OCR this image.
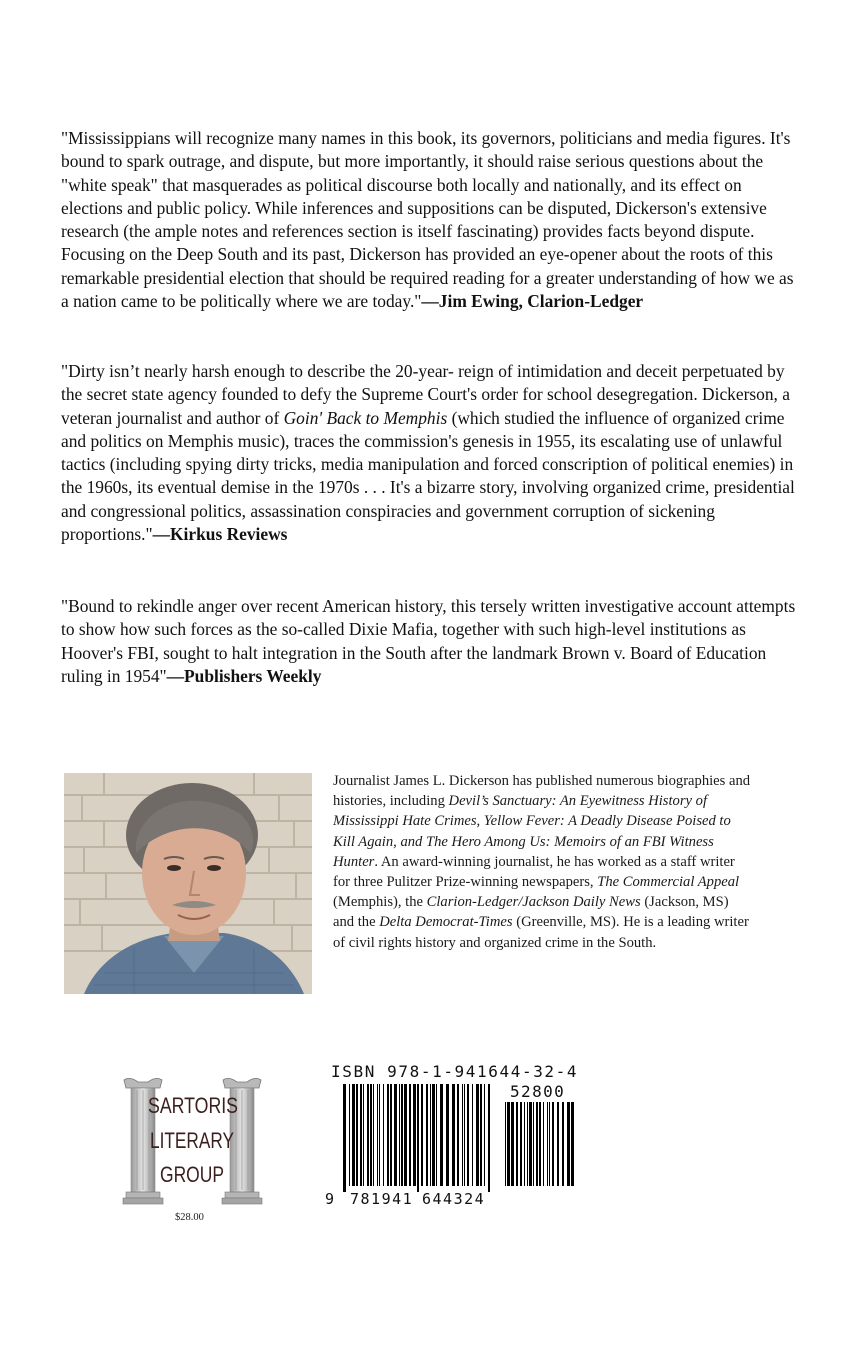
"Mississippians will recognize many names in this book, its governors, politicians and media figures. It's bound to spark outrage, and dispute, but more importantly, it should raise serious questions about the "white speak" that masquerades as political discourse both locally and nationally, and its effect on elections and public policy. While inferences and suppositions can be disputed, Dickerson's extensive research (the ample notes and references section is itself fascinating) provides facts beyond dispute. Focusing on the Deep South and its past, Dickerson has provided an eye-opener about the roots of this remarkable presidential election that should be required reading for a greater understanding of how we as a nation came to be politically where we are today."—Jim Ewing, Clarion-Ledger

"Dirty isn’t nearly harsh enough to describe the 20-year- reign of intimidation and deceit perpetuated by the secret state agency founded to defy the Supreme Court's order for school desegregation. Dickerson, a veteran journalist and author of Goin' Back to Memphis (which studied the influence of organized crime and politics on Memphis music), traces the commission's genesis in 1955, its escalating use of unlawful tactics (including spying dirty tricks, media manipulation and forced conscription of political enemies) in the 1960s, its eventual demise in the 1970s . . . It's a bizarre story, involving organized crime, presidential and congressional politics, assassination conspiracies and government corruption of sickening proportions."—Kirkus Reviews

"Bound to rekindle anger over recent American history, this tersely written investigative account attempts to show how such forces as the so-called Dixie Mafia, together with such high-level institutions as Hoover's FBI, sought to halt integration in the South after the landmark Brown v. Board of Education ruling in 1954"—Publishers Weekly

Journalist James L. Dickerson has published numerous biographies and histories, including Devil’s Sanctuary: An Eyewitness History of Mississippi Hate Crimes, Yellow Fever: A Deadly Disease Poised to Kill Again, and The Hero Among Us: Memoirs of an FBI Witness Hunter. An award-winning journalist, he has worked as a staff writer for three Pulitzer Prize-winning newspapers, The Commercial Appeal (Memphis), the Clarion-Ledger/Jackson Daily News (Jackson, MS) and the Delta Democrat-Times (Greenville, MS). He is a leading writer of civil rights history and organized crime in the South.

SARTORIS
LITERARY
GROUP
$28.00
ISBN 978-1-941644-32-4
52800
9 781941 644324
